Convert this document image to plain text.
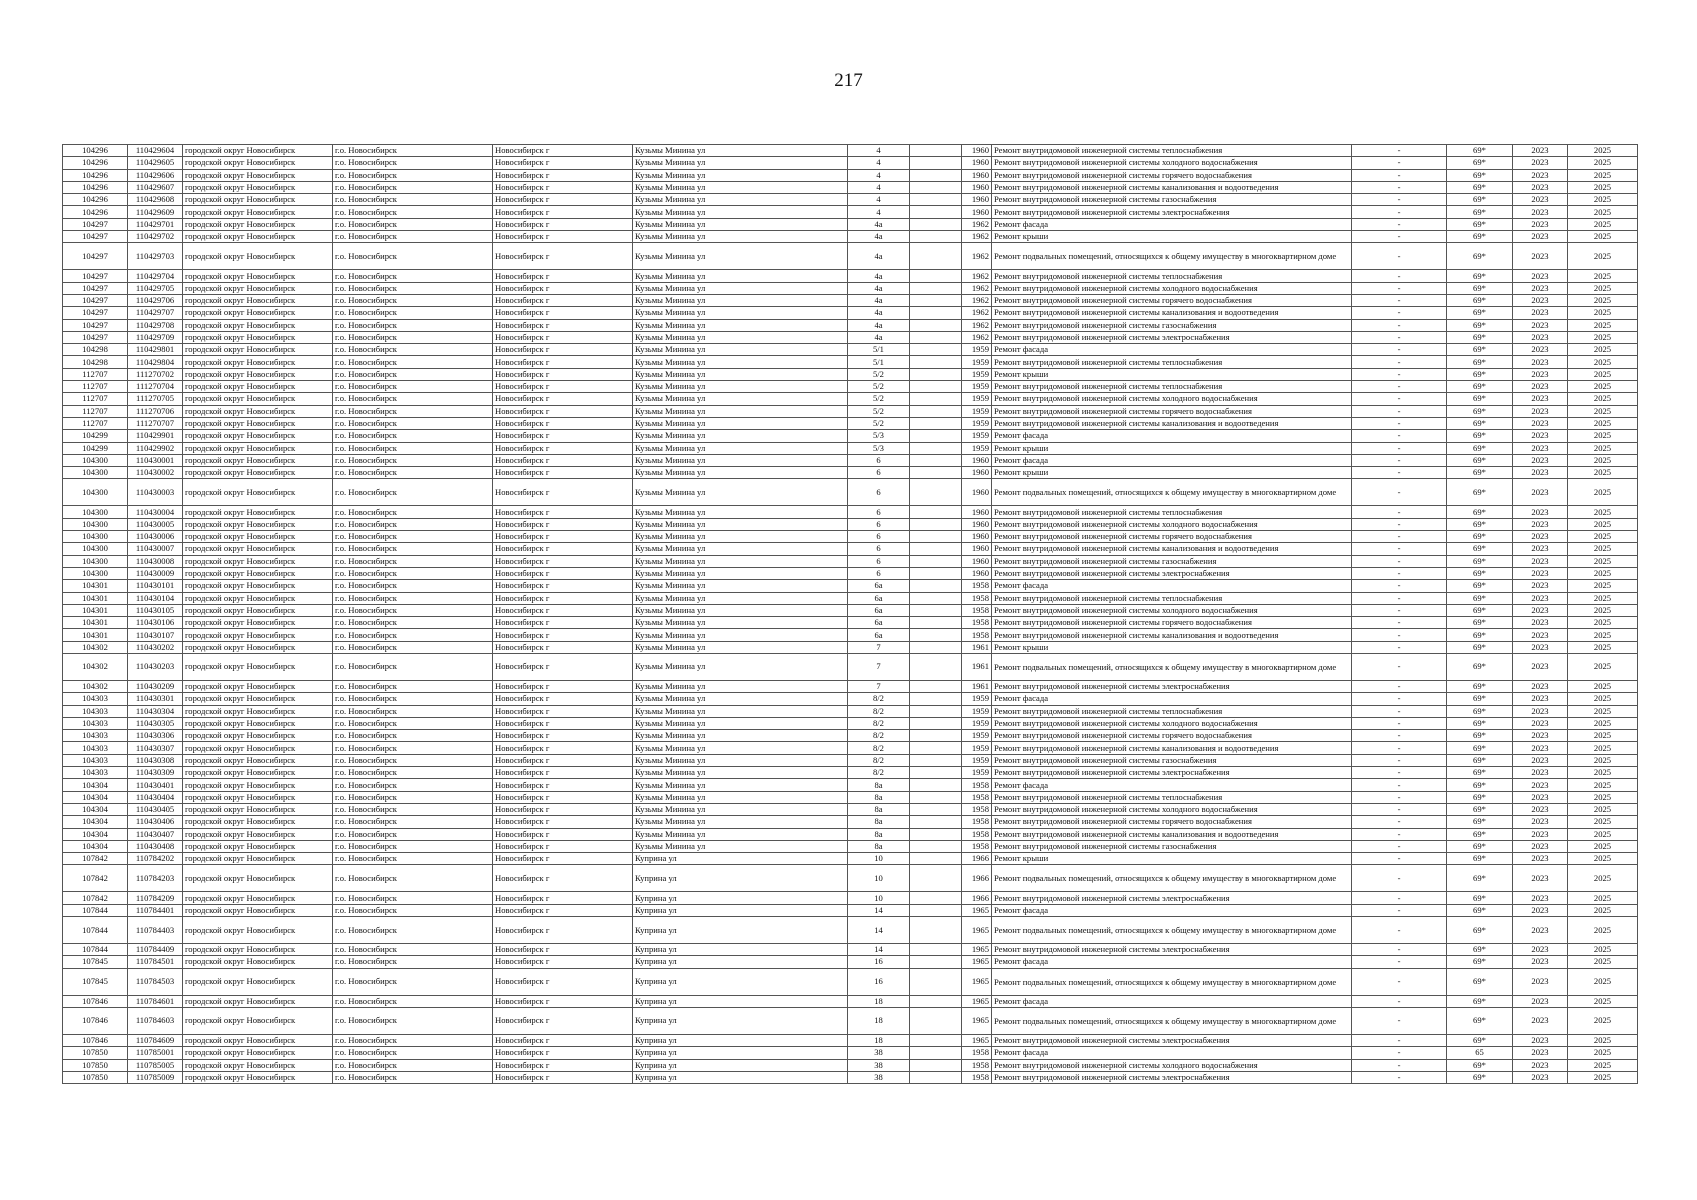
217
104296	110429604	городской округ Новосибирск	г.о. Новосибирск	Новосибирск г	Кузьмы Минина ул	4		1960	Ремонт внутридомовой инженерной системы теплоснабжения	-	69*	2023	2025
104296	110429605	городской округ Новосибирск	г.о. Новосибирск	Новосибирск г	Кузьмы Минина ул	4		1960	Ремонт внутридомовой инженерной системы холодного водоснабжения	-	69*	2023	2025
104296	110429606	городской округ Новосибирск	г.о. Новосибирск	Новосибирск г	Кузьмы Минина ул	4		1960	Ремонт внутридомовой инженерной системы горячего водоснабжения	-	69*	2023	2025
104296	110429607	городской округ Новосибирск	г.о. Новосибирск	Новосибирск г	Кузьмы Минина ул	4		1960	Ремонт внутридомовой инженерной системы канализования и водоотведения	-	69*	2023	2025
104296	110429608	городской округ Новосибирск	г.о. Новосибирск	Новосибирск г	Кузьмы Минина ул	4		1960	Ремонт внутридомовой инженерной системы газоснабжения	-	69*	2023	2025
104296	110429609	городской округ Новосибирск	г.о. Новосибирск	Новосибирск г	Кузьмы Минина ул	4		1960	Ремонт внутридомовой инженерной системы электроснабжения	-	69*	2023	2025
104297	110429701	городской округ Новосибирск	г.о. Новосибирск	Новосибирск г	Кузьмы Минина ул	4а		1962	Ремонт фасада	-	69*	2023	2025
104297	110429702	городской округ Новосибирск	г.о. Новосибирск	Новосибирск г	Кузьмы Минина ул	4а		1962	Ремонт крыши	-	69*	2023	2025
104297	110429703	городской округ Новосибирск	г.о. Новосибирск	Новосибирск г	Кузьмы Минина ул	4а		1962	Ремонт подвальных помещений, относящихся к общему имуществу в многоквартирном доме	-	69*	2023	2025
104297	110429704	городской округ Новосибирск	г.о. Новосибирск	Новосибирск г	Кузьмы Минина ул	4а		1962	Ремонт внутридомовой инженерной системы теплоснабжения	-	69*	2023	2025
104297	110429705	городской округ Новосибирск	г.о. Новосибирск	Новосибирск г	Кузьмы Минина ул	4а		1962	Ремонт внутридомовой инженерной системы холодного водоснабжения	-	69*	2023	2025
104297	110429706	городской округ Новосибирск	г.о. Новосибирск	Новосибирск г	Кузьмы Минина ул	4а		1962	Ремонт внутридомовой инженерной системы горячего водоснабжения	-	69*	2023	2025
104297	110429707	городской округ Новосибирск	г.о. Новосибирск	Новосибирск г	Кузьмы Минина ул	4а		1962	Ремонт внутридомовой инженерной системы канализования и водоотведения	-	69*	2023	2025
104297	110429708	городской округ Новосибирск	г.о. Новосибирск	Новосибирск г	Кузьмы Минина ул	4а		1962	Ремонт внутридомовой инженерной системы газоснабжения	-	69*	2023	2025
104297	110429709	городской округ Новосибирск	г.о. Новосибирск	Новосибирск г	Кузьмы Минина ул	4а		1962	Ремонт внутридомовой инженерной системы электроснабжения	-	69*	2023	2025
104298	110429801	городской округ Новосибирск	г.о. Новосибирск	Новосибирск г	Кузьмы Минина ул	5/1		1959	Ремонт фасада	-	69*	2023	2025
104298	110429804	городской округ Новосибирск	г.о. Новосибирск	Новосибирск г	Кузьмы Минина ул	5/1		1959	Ремонт внутридомовой инженерной системы теплоснабжения	-	69*	2023	2025
112707	111270702	городской округ Новосибирск	г.о. Новосибирск	Новосибирск г	Кузьмы Минина ул	5/2		1959	Ремонт крыши	-	69*	2023	2025
112707	111270704	городской округ Новосибирск	г.о. Новосибирск	Новосибирск г	Кузьмы Минина ул	5/2		1959	Ремонт внутридомовой инженерной системы теплоснабжения	-	69*	2023	2025
112707	111270705	городской округ Новосибирск	г.о. Новосибирск	Новосибирск г	Кузьмы Минина ул	5/2		1959	Ремонт внутридомовой инженерной системы холодного водоснабжения	-	69*	2023	2025
112707	111270706	городской округ Новосибирск	г.о. Новосибирск	Новосибирск г	Кузьмы Минина ул	5/2		1959	Ремонт внутридомовой инженерной системы горячего водоснабжения	-	69*	2023	2025
112707	111270707	городской округ Новосибирск	г.о. Новосибирск	Новосибирск г	Кузьмы Минина ул	5/2		1959	Ремонт внутридомовой инженерной системы канализования и водоотведения	-	69*	2023	2025
104299	110429901	городской округ Новосибирск	г.о. Новосибирск	Новосибирск г	Кузьмы Минина ул	5/3		1959	Ремонт фасада	-	69*	2023	2025
104299	110429902	городской округ Новосибирск	г.о. Новосибирск	Новосибирск г	Кузьмы Минина ул	5/3		1959	Ремонт крыши	-	69*	2023	2025
104300	110430001	городской округ Новосибирск	г.о. Новосибирск	Новосибирск г	Кузьмы Минина ул	6		1960	Ремонт фасада	-	69*	2023	2025
104300	110430002	городской округ Новосибирск	г.о. Новосибирск	Новосибирск г	Кузьмы Минина ул	6		1960	Ремонт крыши	-	69*	2023	2025
104300	110430003	городской округ Новосибирск	г.о. Новосибирск	Новосибирск г	Кузьмы Минина ул	6		1960	Ремонт подвальных помещений, относящихся к общему имуществу в многоквартирном доме	-	69*	2023	2025
104300	110430004	городской округ Новосибирск	г.о. Новосибирск	Новосибирск г	Кузьмы Минина ул	6		1960	Ремонт внутридомовой инженерной системы теплоснабжения	-	69*	2023	2025
104300	110430005	городской округ Новосибирск	г.о. Новосибирск	Новосибирск г	Кузьмы Минина ул	6		1960	Ремонт внутридомовой инженерной системы холодного водоснабжения	-	69*	2023	2025
104300	110430006	городской округ Новосибирск	г.о. Новосибирск	Новосибирск г	Кузьмы Минина ул	6		1960	Ремонт внутридомовой инженерной системы горячего водоснабжения	-	69*	2023	2025
104300	110430007	городской округ Новосибирск	г.о. Новосибирск	Новосибирск г	Кузьмы Минина ул	6		1960	Ремонт внутридомовой инженерной системы канализования и водоотведения	-	69*	2023	2025
104300	110430008	городской округ Новосибирск	г.о. Новосибирск	Новосибирск г	Кузьмы Минина ул	6		1960	Ремонт внутридомовой инженерной системы газоснабжения	-	69*	2023	2025
104300	110430009	городской округ Новосибирск	г.о. Новосибирск	Новосибирск г	Кузьмы Минина ул	6		1960	Ремонт внутридомовой инженерной системы электроснабжения	-	69*	2023	2025
104301	110430101	городской округ Новосибирск	г.о. Новосибирск	Новосибирск г	Кузьмы Минина ул	6а		1958	Ремонт фасада	-	69*	2023	2025
104301	110430104	городской округ Новосибирск	г.о. Новосибирск	Новосибирск г	Кузьмы Минина ул	6а		1958	Ремонт внутридомовой инженерной системы теплоснабжения	-	69*	2023	2025
104301	110430105	городской округ Новосибирск	г.о. Новосибирск	Новосибирск г	Кузьмы Минина ул	6а		1958	Ремонт внутридомовой инженерной системы холодного водоснабжения	-	69*	2023	2025
104301	110430106	городской округ Новосибирск	г.о. Новосибирск	Новосибирск г	Кузьмы Минина ул	6а		1958	Ремонт внутридомовой инженерной системы горячего водоснабжения	-	69*	2023	2025
104301	110430107	городской округ Новосибирск	г.о. Новосибирск	Новосибирск г	Кузьмы Минина ул	6а		1958	Ремонт внутридомовой инженерной системы канализования и водоотведения	-	69*	2023	2025
104302	110430202	городской округ Новосибирск	г.о. Новосибирск	Новосибирск г	Кузьмы Минина ул	7		1961	Ремонт крыши	-	69*	2023	2025
104302	110430203	городской округ Новосибирск	г.о. Новосибирск	Новосибирск г	Кузьмы Минина ул	7		1961	Ремонт подвальных помещений, относящихся к общему имуществу в многоквартирном доме	-	69*	2023	2025
104302	110430209	городской округ Новосибирск	г.о. Новосибирск	Новосибирск г	Кузьмы Минина ул	7		1961	Ремонт внутридомовой инженерной системы электроснабжения	-	69*	2023	2025
104303	110430301	городской округ Новосибирск	г.о. Новосибирск	Новосибирск г	Кузьмы Минина ул	8/2		1959	Ремонт фасада	-	69*	2023	2025
104303	110430304	городской округ Новосибирск	г.о. Новосибирск	Новосибирск г	Кузьмы Минина ул	8/2		1959	Ремонт внутридомовой инженерной системы теплоснабжения	-	69*	2023	2025
104303	110430305	городской округ Новосибирск	г.о. Новосибирск	Новосибирск г	Кузьмы Минина ул	8/2		1959	Ремонт внутридомовой инженерной системы холодного водоснабжения	-	69*	2023	2025
104303	110430306	городской округ Новосибирск	г.о. Новосибирск	Новосибирск г	Кузьмы Минина ул	8/2		1959	Ремонт внутридомовой инженерной системы горячего водоснабжения	-	69*	2023	2025
104303	110430307	городской округ Новосибирск	г.о. Новосибирск	Новосибирск г	Кузьмы Минина ул	8/2		1959	Ремонт внутридомовой инженерной системы канализования и водоотведения	-	69*	2023	2025
104303	110430308	городской округ Новосибирск	г.о. Новосибирск	Новосибирск г	Кузьмы Минина ул	8/2		1959	Ремонт внутридомовой инженерной системы газоснабжения	-	69*	2023	2025
104303	110430309	городской округ Новосибирск	г.о. Новосибирск	Новосибирск г	Кузьмы Минина ул	8/2		1959	Ремонт внутридомовой инженерной системы электроснабжения	-	69*	2023	2025
104304	110430401	городской округ Новосибирск	г.о. Новосибирск	Новосибирск г	Кузьмы Минина ул	8а		1958	Ремонт фасада	-	69*	2023	2025
104304	110430404	городской округ Новосибирск	г.о. Новосибирск	Новосибирск г	Кузьмы Минина ул	8а		1958	Ремонт внутридомовой инженерной системы теплоснабжения	-	69*	2023	2025
104304	110430405	городской округ Новосибирск	г.о. Новосибирск	Новосибирск г	Кузьмы Минина ул	8а		1958	Ремонт внутридомовой инженерной системы холодного водоснабжения	-	69*	2023	2025
104304	110430406	городской округ Новосибирск	г.о. Новосибирск	Новосибирск г	Кузьмы Минина ул	8а		1958	Ремонт внутридомовой инженерной системы горячего водоснабжения	-	69*	2023	2025
104304	110430407	городской округ Новосибирск	г.о. Новосибирск	Новосибирск г	Кузьмы Минина ул	8а		1958	Ремонт внутридомовой инженерной системы канализования и водоотведения	-	69*	2023	2025
104304	110430408	городской округ Новосибирск	г.о. Новосибирск	Новосибирск г	Кузьмы Минина ул	8а		1958	Ремонт внутридомовой инженерной системы газоснабжения	-	69*	2023	2025
107842	110784202	городской округ Новосибирск	г.о. Новосибирск	Новосибирск г	Куприна ул	10		1966	Ремонт крыши	-	69*	2023	2025
107842	110784203	городской округ Новосибирск	г.о. Новосибирск	Новосибирск г	Куприна ул	10		1966	Ремонт подвальных помещений, относящихся к общему имуществу в многоквартирном доме	-	69*	2023	2025
107842	110784209	городской округ Новосибирск	г.о. Новосибирск	Новосибирск г	Куприна ул	10		1966	Ремонт внутридомовой инженерной системы электроснабжения	-	69*	2023	2025
107844	110784401	городской округ Новосибирск	г.о. Новосибирск	Новосибирск г	Куприна ул	14		1965	Ремонт фасада	-	69*	2023	2025
107844	110784403	городской округ Новосибирск	г.о. Новосибирск	Новосибирск г	Куприна ул	14		1965	Ремонт подвальных помещений, относящихся к общему имуществу в многоквартирном доме	-	69*	2023	2025
107844	110784409	городской округ Новосибирск	г.о. Новосибирск	Новосибирск г	Куприна ул	14		1965	Ремонт внутридомовой инженерной системы электроснабжения	-	69*	2023	2025
107845	110784501	городской округ Новосибирск	г.о. Новосибирск	Новосибирск г	Куприна ул	16		1965	Ремонт фасада	-	69*	2023	2025
107845	110784503	городской округ Новосибирск	г.о. Новосибирск	Новосибирск г	Куприна ул	16		1965	Ремонт подвальных помещений, относящихся к общему имуществу в многоквартирном доме	-	69*	2023	2025
107846	110784601	городской округ Новосибирск	г.о. Новосибирск	Новосибирск г	Куприна ул	18		1965	Ремонт фасада	-	69*	2023	2025
107846	110784603	городской округ Новосибирск	г.о. Новосибирск	Новосибирск г	Куприна ул	18		1965	Ремонт подвальных помещений, относящихся к общему имуществу в многоквартирном доме	-	69*	2023	2025
107846	110784609	городской округ Новосибирск	г.о. Новосибирск	Новосибирск г	Куприна ул	18		1965	Ремонт внутридомовой инженерной системы электроснабжения	-	69*	2023	2025
107850	110785001	городской округ Новосибирск	г.о. Новосибирск	Новосибирск г	Куприна ул	38		1958	Ремонт фасада	-	65	2023	2025
107850	110785005	городской округ Новосибирск	г.о. Новосибирск	Новосибирск г	Куприна ул	38		1958	Ремонт внутридомовой инженерной системы холодного водоснабжения	-	69*	2023	2025
107850	110785009	городской округ Новосибирск	г.о. Новосибирск	Новосибирск г	Куприна ул	38		1958	Ремонт внутридомовой инженерной системы электроснабжения	-	69*	2023	2025
